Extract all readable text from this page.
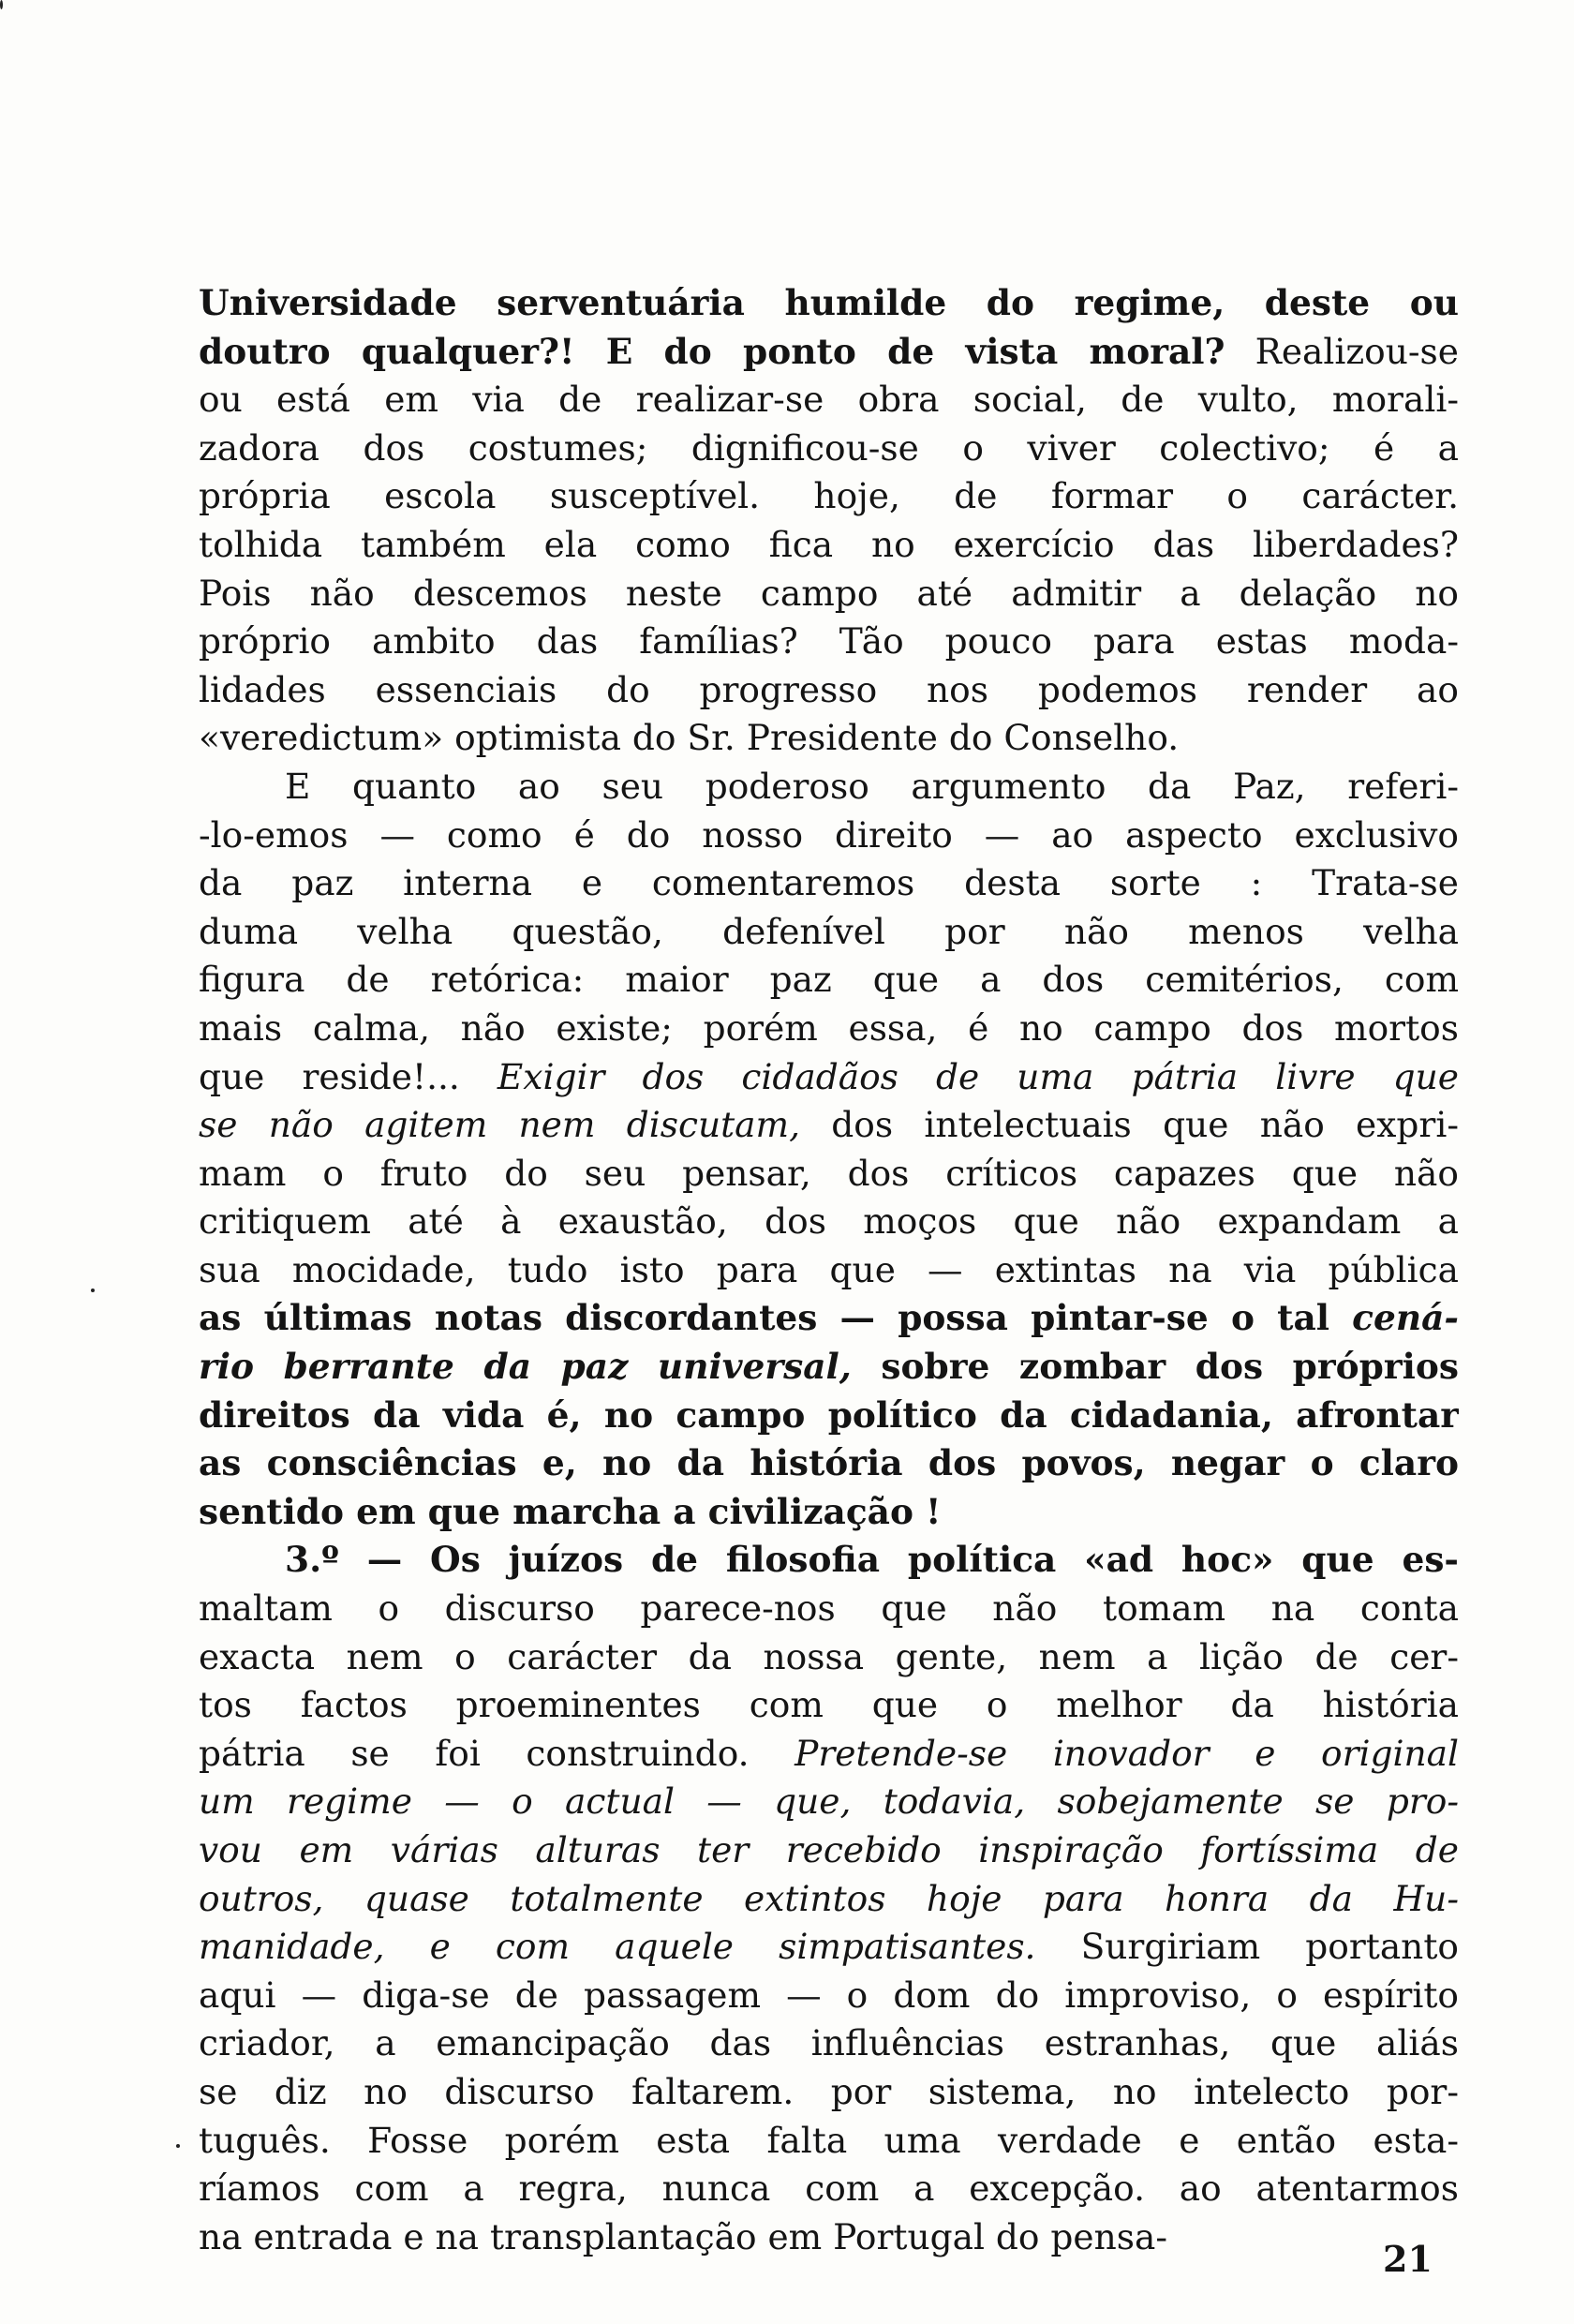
Universidade serventuária humilde do regime, deste ou
doutro qualquer?! E do ponto de vista moral? Realizou-se
ou está em via de realizar-se obra social, de vulto, morali-
zadora dos costumes; dignificou-se o viver colectivo; é a
própria escola susceptível. hoje, de formar o carácter.
tolhida também ela como fica no exercício das liberdades?
Pois não descemos neste campo até admitir a delação no
próprio ambito das famílias? Tão pouco para estas moda-
lidades essenciais do progresso nos podemos render ao
«veredictum» optimista do Sr. Presidente do Conselho.
E quanto ao seu poderoso argumento da Paz, referi-
-lo-emos — como é do nosso direito — ao aspecto exclusivo
da paz interna e comentaremos desta sorte : Trata-se
duma velha questão, defenível por não menos velha
figura de retórica: maior paz que a dos cemitérios, com
mais calma, não existe; porém essa, é no campo dos mortos
que reside!... Exigir dos cidadãos de uma pátria livre que
se não agitem nem discutam, dos intelectuais que não expri-
mam o fruto do seu pensar, dos críticos capazes que não
critiquem até à exaustão, dos moços que não expandam a
sua mocidade, tudo isto para que — extintas na via pública
as últimas notas discordantes — possa pintar-se o tal cená-
rio berrante da paz universal, sobre zombar dos próprios
direitos da vida é, no campo político da cidadania, afrontar
as consciências e, no da história dos povos, negar o claro
sentido em que marcha a civilização !
3.º — Os juízos de filosofia política «ad hoc» que es-
maltam o discurso parece-nos que não tomam na conta
exacta nem o carácter da nossa gente, nem a lição de cer-
tos factos proeminentes com que o melhor da história
pátria se foi construindo. Pretende-se inovador e original
um regime — o actual — que, todavia, sobejamente se pro-
vou em várias alturas ter recebido inspiração fortíssima de
outros, quase totalmente extintos hoje para honra da Hu-
manidade, e com aquele simpatisantes. Surgiriam portanto
aqui — diga-se de passagem — o dom do improviso, o espírito
criador, a emancipação das influências estranhas, que aliás
se diz no discurso faltarem. por sistema, no intelecto por-
tuguês. Fosse porém esta falta uma verdade e então esta-
ríamos com a regra, nunca com a excepção. ao atentarmos
na entrada e na transplantação em Portugal do pensa-
21
